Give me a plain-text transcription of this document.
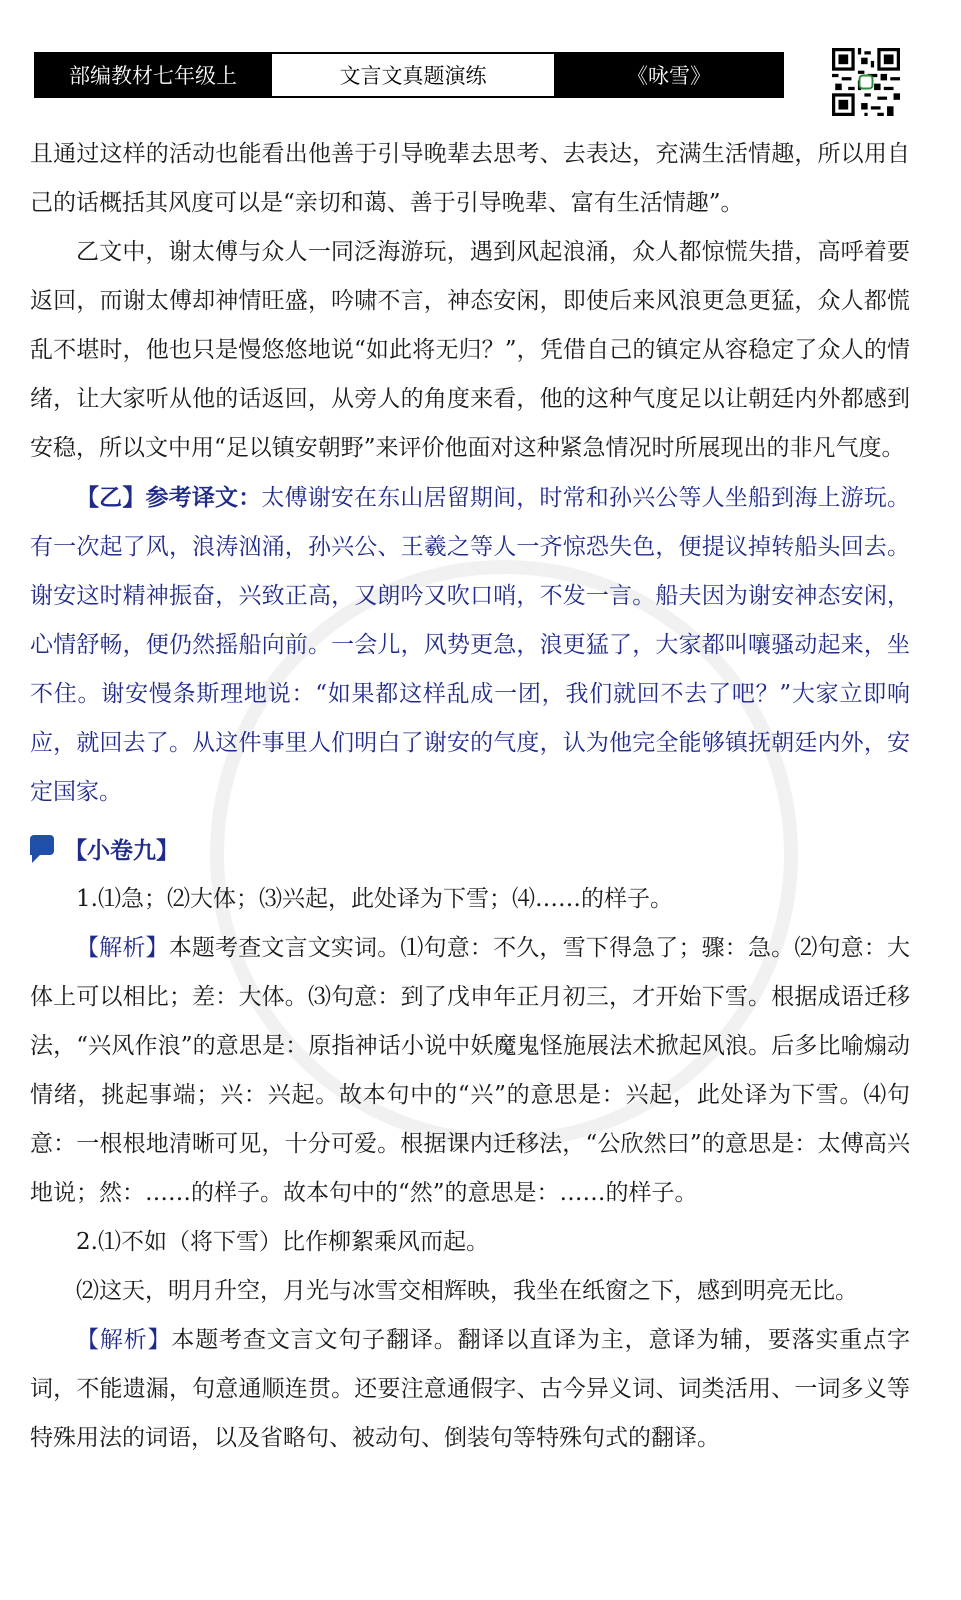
部编教材七年级上	文言文真题演练	《咏雪》

且通过这样的活动也能看出他善于引导晚辈去思考、去表达，充满生活情趣，所以用自己的话概括其风度可以是“亲切和蔼、善于引导晚辈、富有生活情趣”。

乙文中，谢太傅与众人一同泛海游玩，遇到风起浪涌，众人都惊慌失措，高呼着要返回，而谢太傅却神情旺盛，吟啸不言，神态安闲，即使后来风浪更急更猛，众人都慌乱不堪时，他也只是慢悠悠地说“如此将无归？”，凭借自己的镇定从容稳定了众人的情绪，让大家听从他的话返回，从旁人的角度来看，他的这种气度足以让朝廷内外都感到安稳，所以文中用“足以镇安朝野”来评价他面对这种紧急情况时所展现出的非凡气度。

【乙】参考译文：太傅谢安在东山居留期间，时常和孙兴公等人坐船到海上游玩。有一次起了风，浪涛汹涌，孙兴公、王羲之等人一齐惊恐失色，便提议掉转船头回去。谢安这时精神振奋，兴致正高，又朗吟又吹口哨，不发一言。船夫因为谢安神态安闲，心情舒畅，便仍然摇船向前。一会儿，风势更急，浪更猛了，大家都叫嚷骚动起来，坐不住。谢安慢条斯理地说：“如果都这样乱成一团，我们就回不去了吧？”大家立即响应，就回去了。从这件事里人们明白了谢安的气度，认为他完全能够镇抚朝廷内外，安定国家。

【小卷九】

1.⑴急；⑵大体；⑶兴起，此处译为下雪；⑷……的样子。

【解析】本题考查文言文实词。⑴句意：不久，雪下得急了；骤：急。⑵句意：大体上可以相比；差：大体。⑶句意：到了戊申年正月初三，才开始下雪。根据成语迁移法，“兴风作浪”的意思是：原指神话小说中妖魔鬼怪施展法术掀起风浪。后多比喻煽动情绪，挑起事端；兴：兴起。故本句中的“兴”的意思是：兴起，此处译为下雪。⑷句意：一根根地清晰可见，十分可爱。根据课内迁移法，“公欣然曰”的意思是：太傅高兴地说；然：……的样子。故本句中的“然”的意思是：……的样子。

2.⑴不如（将下雪）比作柳絮乘风而起。

⑵这天，明月升空，月光与冰雪交相辉映，我坐在纸窗之下，感到明亮无比。

【解析】本题考查文言文句子翻译。翻译以直译为主，意译为辅，要落实重点字词，不能遗漏，句意通顺连贯。还要注意通假字、古今异义词、词类活用、一词多义等特殊用法的词语，以及省略句、被动句、倒装句等特殊句式的翻译。
